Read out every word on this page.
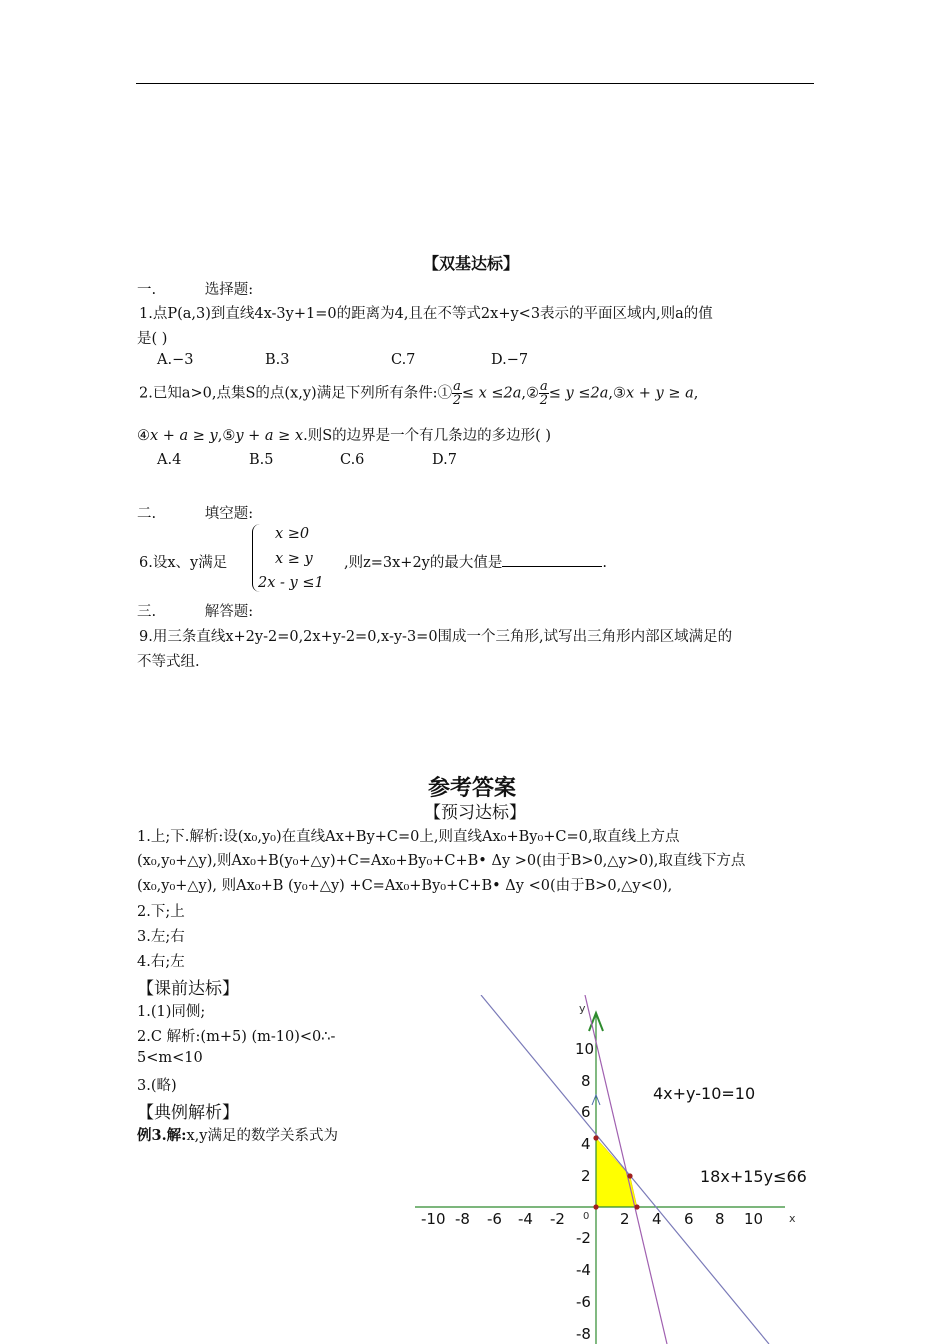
【双基达标】
一.	选择题:
1.点P(a,3)到直线4x-3y+1=0的距离为4,且在不等式2x+y<3表示的平面区域内,则a的值
是( )
A.−3	B.3	C.7	D.−7
2.已知a>0,点集S的点(x,y)满足下列所有条件:① $\frac{a}{2} \le x$ ≤2a,② $\frac{a}{2} \le y$ ≤2a,③x + y ≥ a,
④x + a ≥ y,⑤y + a ≥ x.则S的边界是一个有几条边的多边形( )
A.4	B.5	C.6	D.7
二.	填空题:
6.设x、y满足
x ≥0
x ≥ y
2x - y ≤1
,则z=3x+2y的最大值是	.
三.	解答题:
9.用三条直线x+2y-2=0,2x+y-2=0,x-y-3=0围成一个三角形,试写出三角形内部区域满足的
不等式组.
参考答案
【预习达标】
1.上;下.解析:设(x₀,y₀)在直线Ax+By+C=0上,则直线Ax₀+By₀+C=0,取直线上方点
(x₀,y₀+△y),则Ax₀+B(y₀+△y)+C=Ax₀+By₀+C+B• Δy >0(由于B>0,△y>0),取直线下方点
(x₀,y₀+△y), 则Ax₀+B (y₀+△y) +C=Ax₀+By₀+C+B• Δy <0(由于B>0,△y<0),
2.下;上
3.左;右
4.右;左
【课前达标】
1.(1)同侧;
2.C 解析:(m+5) (m-10)<0∴-
5<m<10
3.(略)
【典例解析】
例3.解:x,y满足的数学关系式为
-10 -8 -6 -4 -2	2 4 6 8 10
10
8
6
4
2
-2
-4
-6
-8
0
y
x
4x+y-10=10
18x+15y≤66
